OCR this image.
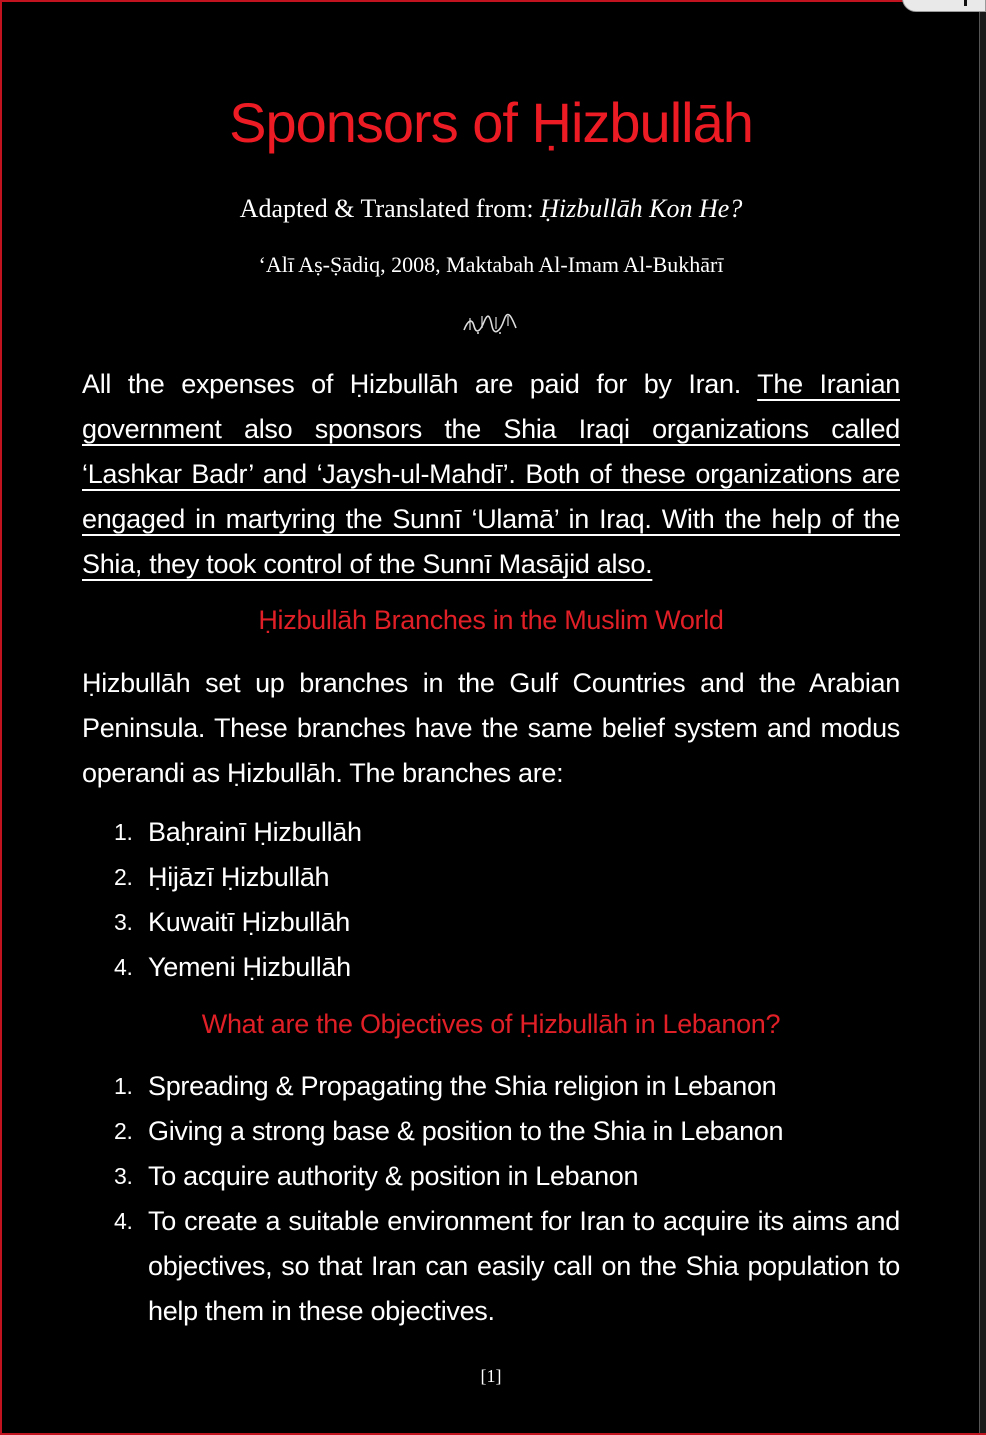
Sponsors of Ḥizbullāh
Adapted & Translated from: Ḥizbullāh Kon He?
‘Alī Aṣ-Ṣādiq, 2008, Maktabah Al-Imam Al-Bukhārī
All the expenses of Ḥizbullāh are paid for by Iran. The Iranian government also sponsors the Shia Iraqi organizations called ‘Lashkar Badr’ and ‘Jaysh-ul-Mahdī’. Both of these organizations are engaged in martyring the Sunnī ‘Ulamā’ in Iraq. With the help of the Shia, they took control of the Sunnī Masājid also.
Ḥizbullāh Branches in the Muslim World
Ḥizbullāh set up branches in the Gulf Countries and the Arabian Peninsula. These branches have the same belief system and modus operandi as Ḥizbullāh. The branches are:
1. Baḥrainī Ḥizbullāh
2. Ḥijāzī Ḥizbullāh
3. Kuwaitī Ḥizbullāh
4. Yemeni Ḥizbullāh
What are the Objectives of Ḥizbullāh in Lebanon?
1. Spreading & Propagating the Shia religion in Lebanon
2. Giving a strong base & position to the Shia in Lebanon
3. To acquire authority & position in Lebanon
4. To create a suitable environment for Iran to acquire its aims and objectives, so that Iran can easily call on the Shia population to help them in these objectives.
[1]
